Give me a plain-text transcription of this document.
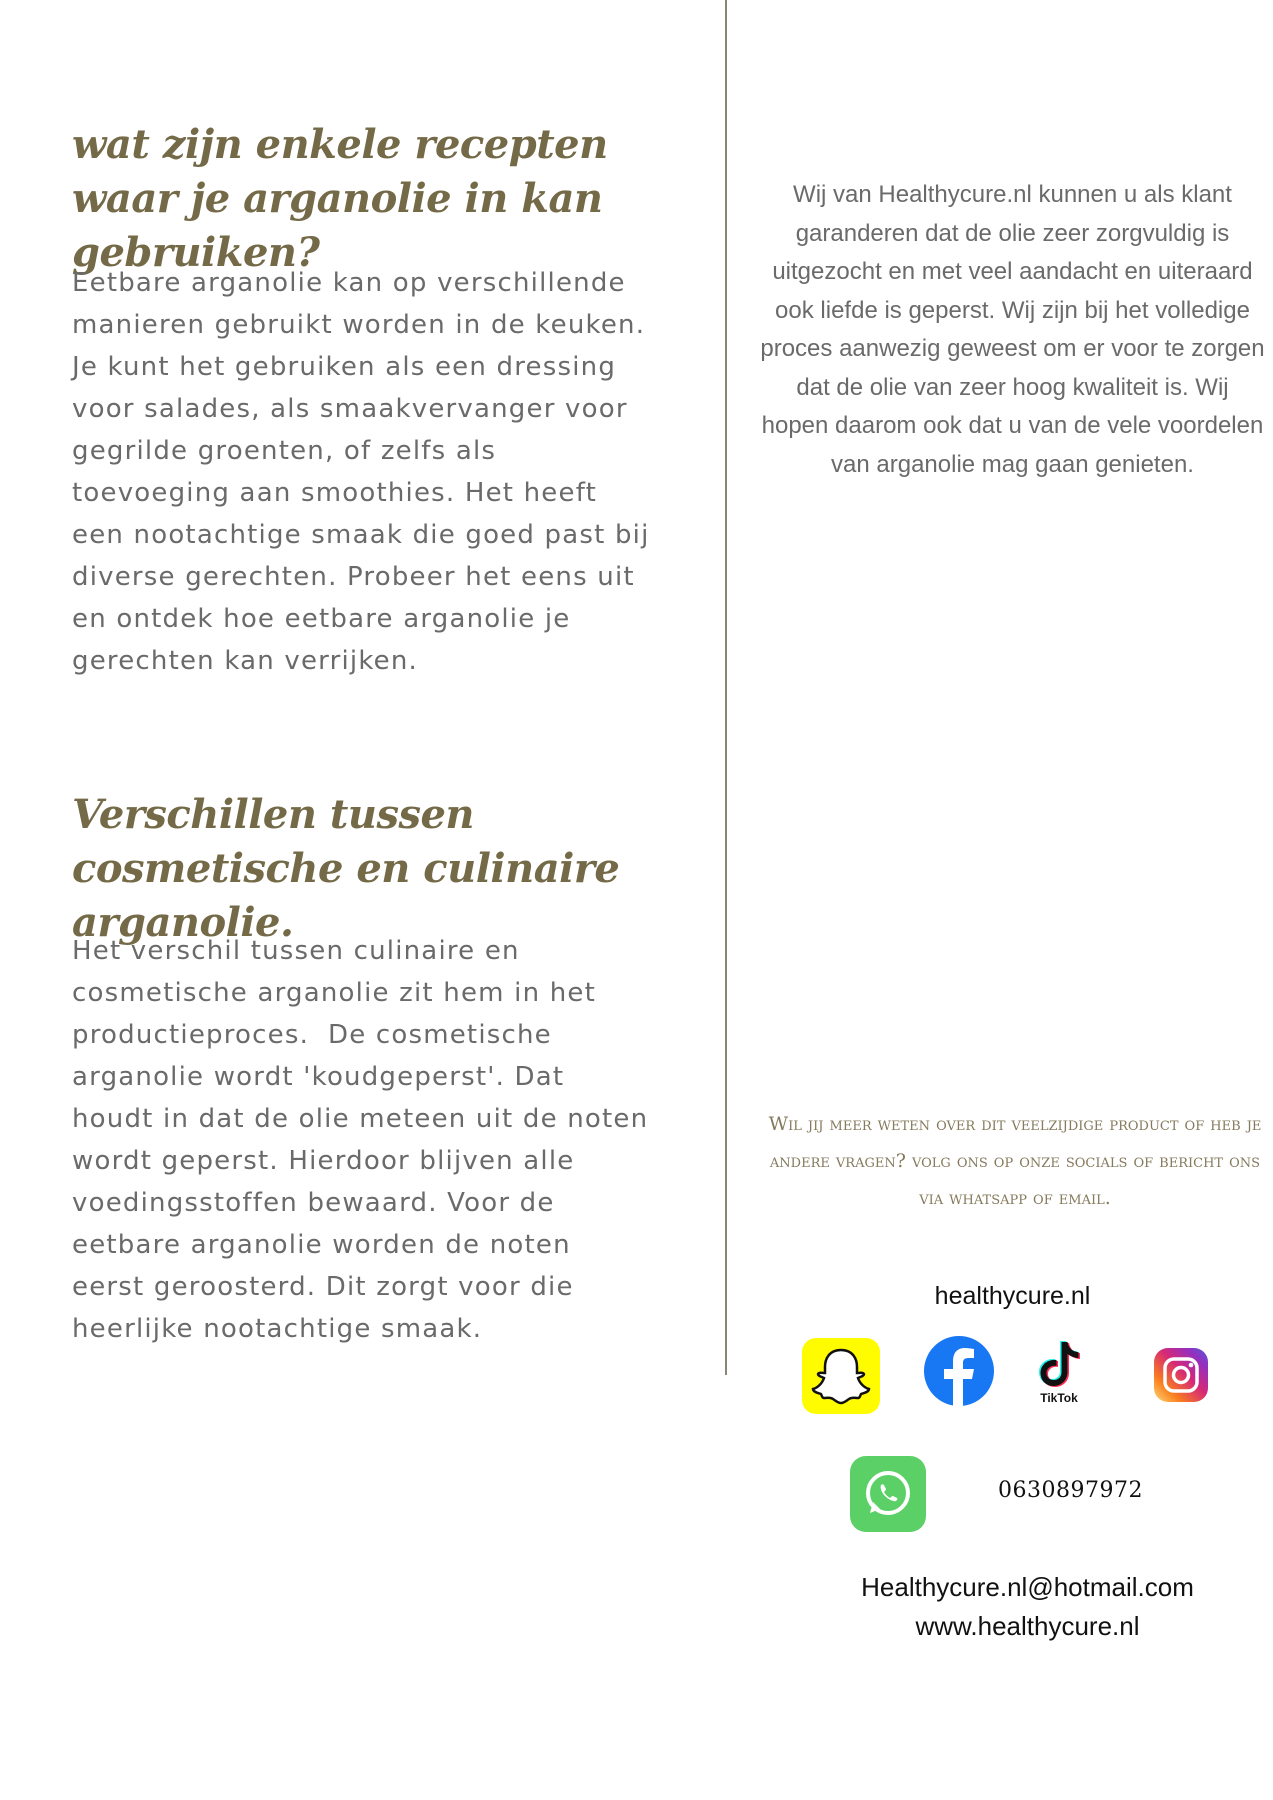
wat zijn enkele recepten waar je arganolie in kan gebruiken?

Eetbare arganolie kan op verschillende manieren gebruikt worden in de keuken. Je kunt het gebruiken als een dressing voor salades, als smaakvervanger voor gegrilde groenten, of zelfs als toevoeging aan smoothies. Het heeft een nootachtige smaak die goed past bij diverse gerechten. Probeer het eens uit en ontdek hoe eetbare arganolie je gerechten kan verrijken.

Verschillen tussen cosmetische en culinaire arganolie.

Het verschil tussen culinaire en cosmetische arganolie zit hem in het productieproces.  De cosmetische arganolie wordt 'koudgeperst'. Dat houdt in dat de olie meteen uit de noten wordt geperst. Hierdoor blijven alle voedingsstoffen bewaard. Voor de eetbare arganolie worden de noten eerst geroosterd. Dit zorgt voor die heerlijke nootachtige smaak.

Wij van Healthycure.nl kunnen u als klant garanderen dat de olie zeer zorgvuldig is uitgezocht en met veel aandacht en uiteraard ook liefde is geperst. Wij zijn bij het volledige proces aanwezig geweest om er voor te zorgen dat de olie van zeer hoog kwaliteit is. Wij hopen daarom ook dat u van de vele voordelen van arganolie mag gaan genieten.

Wil jij meer weten over dit veelzijdige product of heb je andere vragen? volg ons op onze socials of bericht ons via whatsapp of email.

healthycure.nl
TikTok
0630897972
Healthycure.nl@hotmail.com
www.healthycure.nl
